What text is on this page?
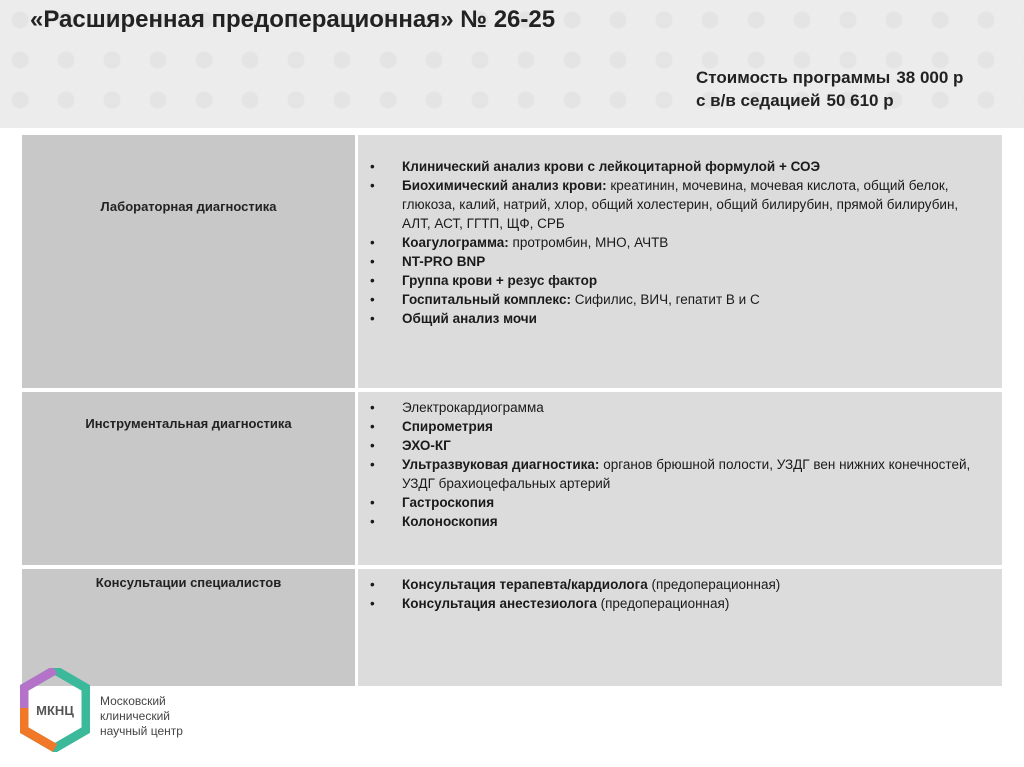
«Расширенная предоперационная» № 26-25
Стоимость программы 38 000 р
с в/в седацией 50 610 р
Лабораторная диагностика
•	Клинический анализ крови с лейкоцитарной формулой + СОЭ
•	Биохимический анализ крови: креатинин, мочевина, мочевая кислота, общий белок, глюкоза, калий, натрий, хлор, общий холестерин, общий билирубин, прямой билирубин, АЛТ, АСТ, ГГТП, ЩФ, СРБ
•	Коагулограмма: протромбин, МНО, АЧТВ
•	NT-PRO BNP
•	Группа крови + резус фактор
•	Госпитальный комплекс: Сифилис, ВИЧ, гепатит В и С
•	Общий анализ мочи
Инструментальная диагностика
•	Электрокардиограмма
•	Спирометрия
•	ЭХО-КГ
•	Ультразвуковая диагностика: органов брюшной полости, УЗДГ вен нижних конечностей, УЗДГ брахиоцефальных артерий
•	Гастроскопия
•	Колоноскопия
Консультации специалистов	•	Консультация терапевта/кардиолога (предоперационная)
•	Консультация анестезиолога (предоперационная)
МКНЦ
Московский
клинический
научный центр
